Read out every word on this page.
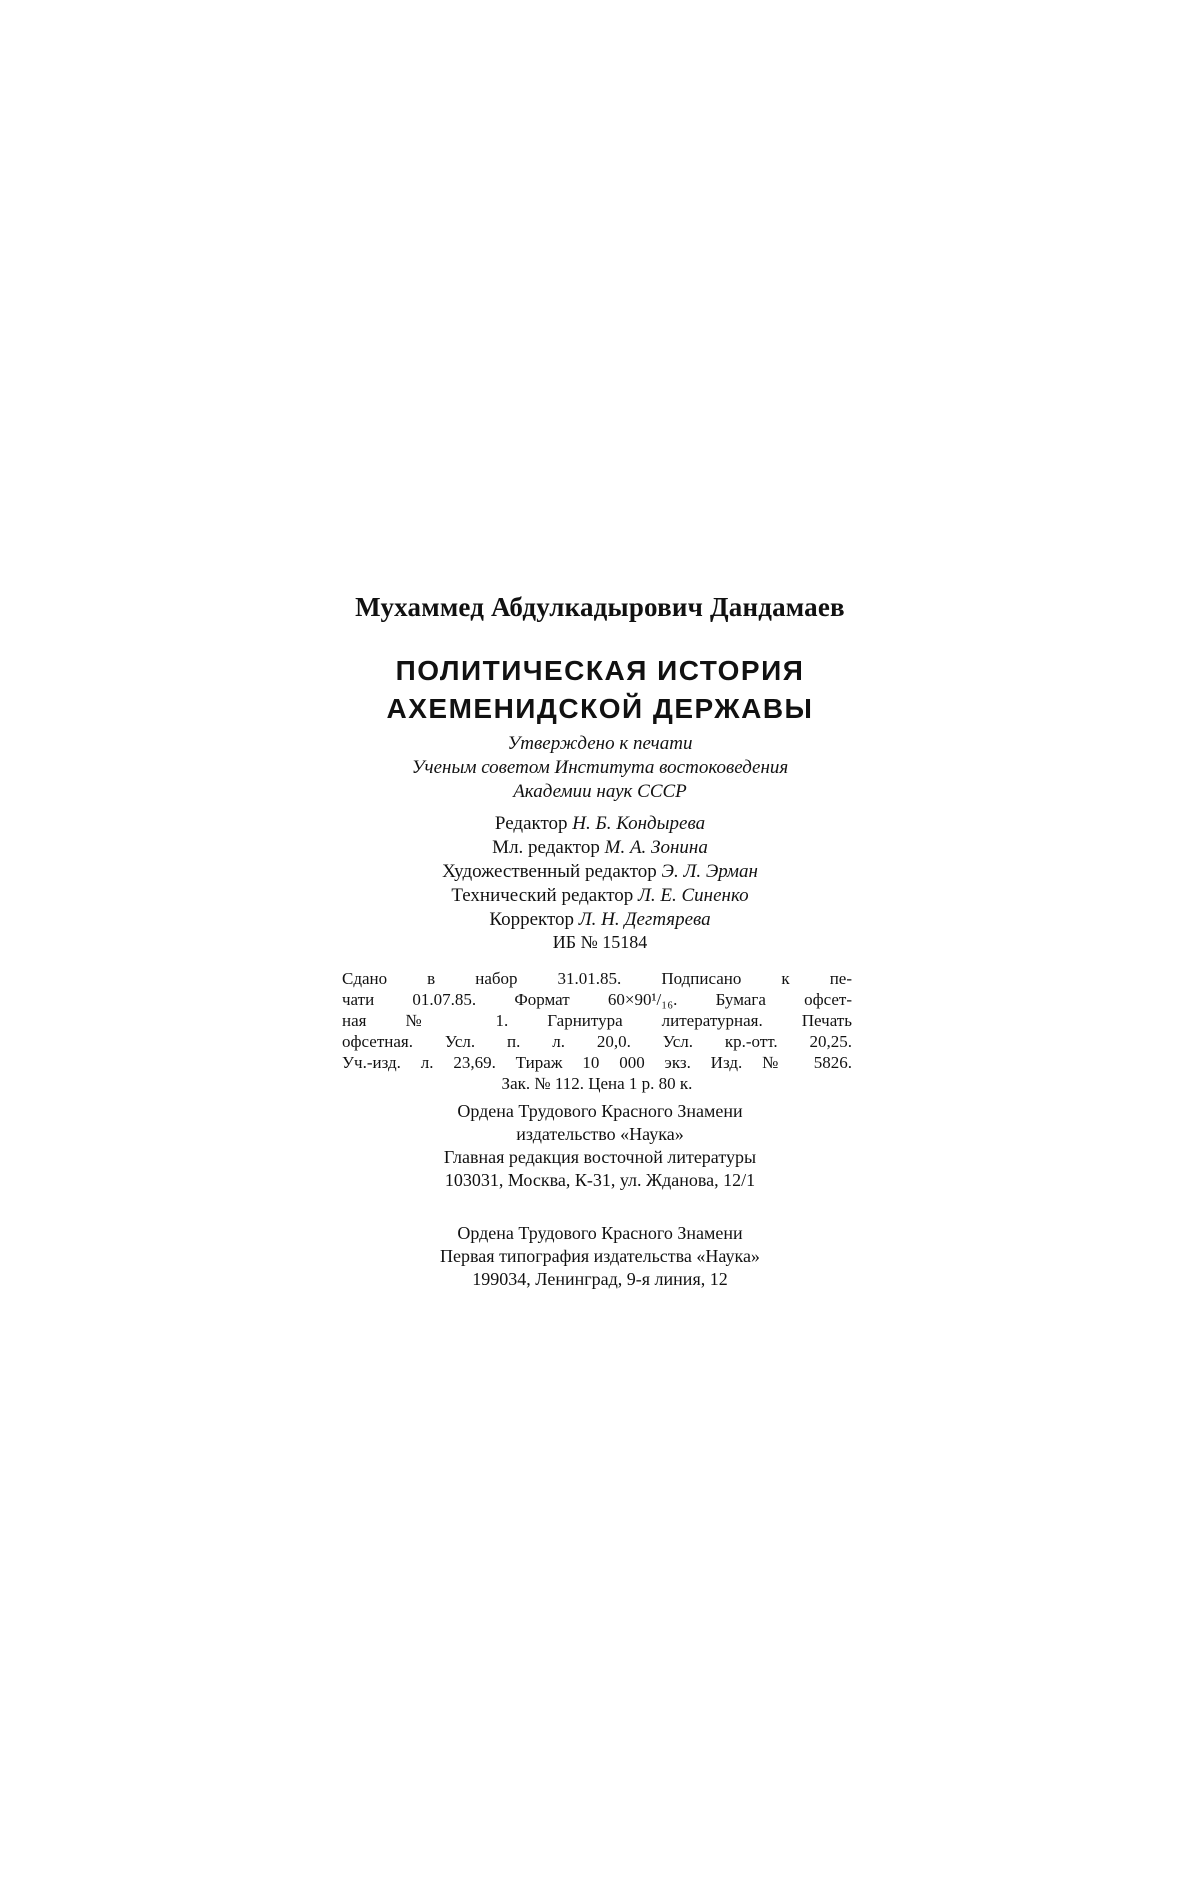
Мухаммед Абдулкадырович Дандамаев
ПОЛИТИЧЕСКАЯ ИСТОРИЯ
АХЕМЕНИДСКОЙ ДЕРЖАВЫ
Утверждено к печати
Ученым советом Института востоковедения
Академии наук СССР
Редактор Н. Б. Кондырева
Мл. редактор М. А. Зонина
Художественный редактор Э. Л. Эрман
Технический редактор Л. Е. Синенко
Корректор Л. Н. Дегтярева
ИБ № 15184
Сдано в набор 31.01.85. Подписано к пе-
чати 01.07.85. Формат 60×90¹/₁₆. Бумага офсет-
ная № 1. Гарнитура литературная. Печать
офсетная. Усл. п. л. 20,0. Усл. кр.-отт. 20,25.
Уч.-изд. л. 23,69. Тираж 10 000 экз. Изд. № 5826.
Зак. № 112. Цена 1 р. 80 к.
Ордена Трудового Красного Знамени
издательство «Наука»
Главная редакция восточной литературы
103031, Москва, К-31, ул. Жданова, 12/1
Ордена Трудового Красного Знамени
Первая типография издательства «Наука»
199034, Ленинград, 9-я линия, 12
